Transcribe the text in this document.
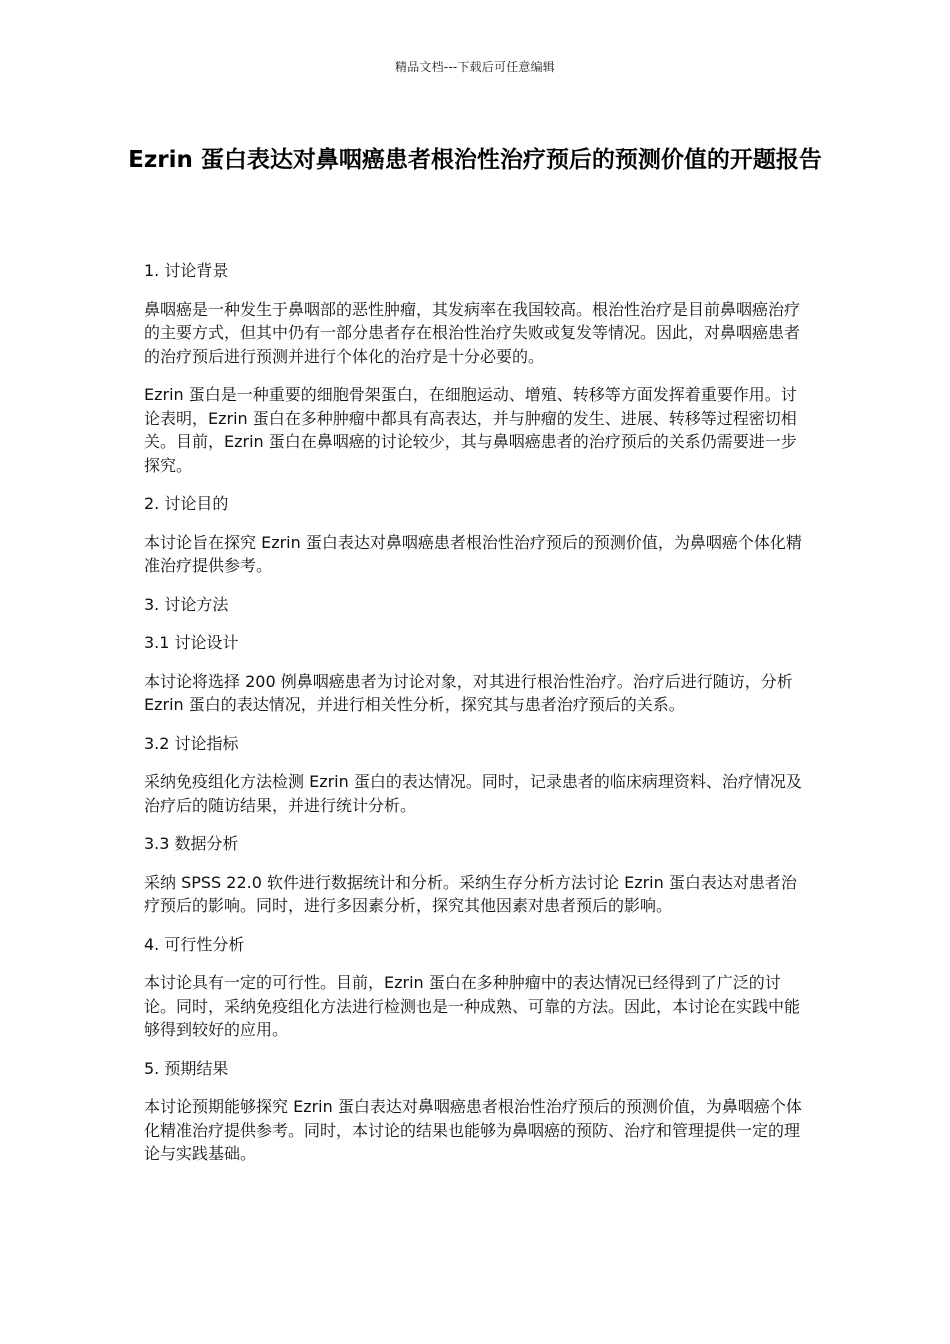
精品文档---下载后可任意编辑
Ezrin 蛋白表达对鼻咽癌患者根治性治疗预后的预测价值的开题报告

1. 讨论背景

鼻咽癌是一种发生于鼻咽部的恶性肿瘤，其发病率在我国较高。根治性治疗是目前鼻咽癌治疗的主要方式，但其中仍有一部分患者存在根治性治疗失败或复发等情况。因此，对鼻咽癌患者的治疗预后进行预测并进行个体化的治疗是十分必要的。

Ezrin 蛋白是一种重要的细胞骨架蛋白，在细胞运动、增殖、转移等方面发挥着重要作用。讨论表明，Ezrin 蛋白在多种肿瘤中都具有高表达，并与肿瘤的发生、进展、转移等过程密切相关。目前，Ezrin 蛋白在鼻咽癌的讨论较少，其与鼻咽癌患者的治疗预后的关系仍需要进一步探究。

2. 讨论目的

本讨论旨在探究 Ezrin 蛋白表达对鼻咽癌患者根治性治疗预后的预测价值，为鼻咽癌个体化精准治疗提供参考。

3. 讨论方法

3.1 讨论设计

本讨论将选择 200 例鼻咽癌患者为讨论对象，对其进行根治性治疗。治疗后进行随访，分析 Ezrin 蛋白的表达情况，并进行相关性分析，探究其与患者治疗预后的关系。

3.2 讨论指标

采纳免疫组化方法检测 Ezrin 蛋白的表达情况。同时，记录患者的临床病理资料、治疗情况及治疗后的随访结果，并进行统计分析。

3.3 数据分析

采纳 SPSS 22.0 软件进行数据统计和分析。采纳生存分析方法讨论 Ezrin 蛋白表达对患者治疗预后的影响。同时，进行多因素分析，探究其他因素对患者预后的影响。

4. 可行性分析

本讨论具有一定的可行性。目前，Ezrin 蛋白在多种肿瘤中的表达情况已经得到了广泛的讨论。同时，采纳免疫组化方法进行检测也是一种成熟、可靠的方法。因此，本讨论在实践中能够得到较好的应用。

5. 预期结果

本讨论预期能够探究 Ezrin 蛋白表达对鼻咽癌患者根治性治疗预后的预测价值，为鼻咽癌个体化精准治疗提供参考。同时，本讨论的结果也能够为鼻咽癌的预防、治疗和管理提供一定的理论与实践基础。
